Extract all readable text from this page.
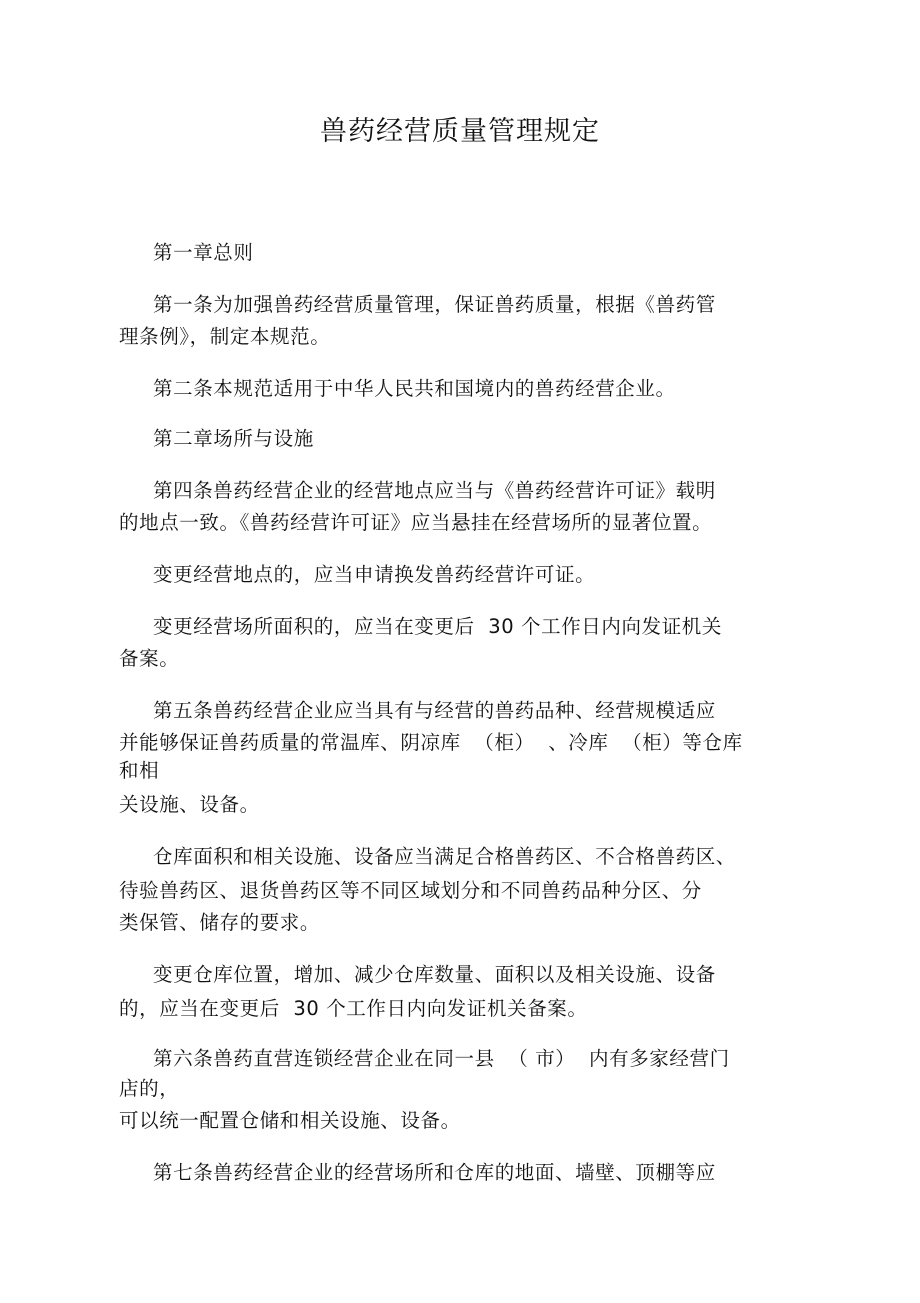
兽药经营质量管理规定
第一章总则
第一条为加强兽药经营质量管理，保证兽药质量，根据《兽药管
理条例》，制定本规范。
第二条本规范适用于中华人民共和国境内的兽药经营企业。
第二章场所与设施
第四条兽药经营企业的经营地点应当与《兽药经营许可证》载明
的地点一致。《兽药经营许可证》应当悬挂在经营场所的显著位置。
变更经营地点的，应当申请换发兽药经营许可证。
变更经营场所面积的，应当在变更后  30 个工作日内向发证机关
备案。
第五条兽药经营企业应当具有与经营的兽药品种、经营规模适应
并能够保证兽药质量的常温库、阴凉库  （柜）  、冷库  （柜）等仓库
和相
关设施、设备。
仓库面积和相关设施、设备应当满足合格兽药区、不合格兽药区、
待验兽药区、退货兽药区等不同区域划分和不同兽药品种分区、分
类保管、储存的要求。
变更仓库位置，增加、减少仓库数量、面积以及相关设施、设备
的，应当在变更后  30 个工作日内向发证机关备案。
第六条兽药直营连锁经营企业在同一县  （ 市）  内有多家经营门
店的，
可以统一配置仓储和相关设施、设备。
第七条兽药经营企业的经营场所和仓库的地面、墙壁、顶棚等应
